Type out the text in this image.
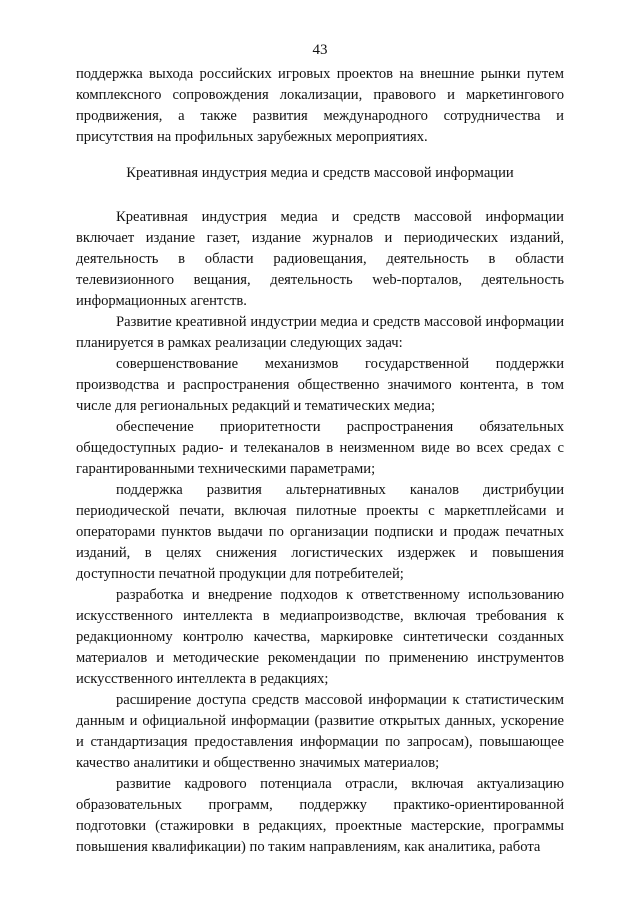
43

поддержка выхода российских игровых проектов на внешние рынки путем комплексного сопровождения локализации, правового и маркетингового продвижения, а также развития международного сотрудничества и присутствия на профильных зарубежных мероприятиях.

Креативная индустрия медиа и средств массовой информации

Креативная индустрия медиа и средств массовой информации включает издание газет, издание журналов и периодических изданий, деятельность в области радиовещания, деятельность в области телевизионного вещания, деятельность web-порталов, деятельность информационных агентств.

Развитие креативной индустрии медиа и средств массовой информации планируется в рамках реализации следующих задач:

совершенствование механизмов государственной поддержки производства и распространения общественно значимого контента, в том числе для региональных редакций и тематических медиа;

обеспечение приоритетности распространения обязательных общедоступных радио- и телеканалов в неизменном виде во всех средах с гарантированными техническими параметрами;

поддержка развития альтернативных каналов дистрибуции периодической печати, включая пилотные проекты с маркетплейсами и операторами пунктов выдачи по организации подписки и продаж печатных изданий, в целях снижения логистических издержек и повышения доступности печатной продукции для потребителей;

разработка и внедрение подходов к ответственному использованию искусственного интеллекта в медиапроизводстве, включая требования к редакционному контролю качества, маркировке синтетически созданных материалов и методические рекомендации по применению инструментов искусственного интеллекта в редакциях;

расширение доступа средств массовой информации к статистическим данным и официальной информации (развитие открытых данных, ускорение и стандартизация предоставления информации по запросам), повышающее качество аналитики и общественно значимых материалов;

развитие кадрового потенциала отрасли, включая актуализацию образовательных программ, поддержку практико-ориентированной подготовки (стажировки в редакциях, проектные мастерские, программы повышения квалификации) по таким направлениям, как аналитика, работа
